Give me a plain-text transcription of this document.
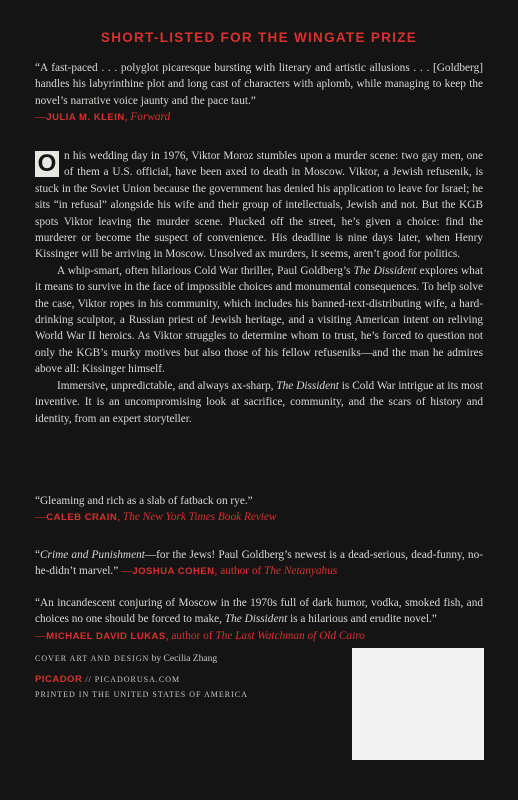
SHORT-LISTED FOR THE WINGATE PRIZE

“A fast-paced . . . polyglot picaresque bursting with literary and artistic allusions . . . [Goldberg] handles his labyrinthine plot and long cast of characters with aplomb, while managing to keep the novel’s narrative voice jaunty and the pace taut.”

—JULIA M. KLEIN, Forward

O n his wedding day in 1976, Viktor Moroz stumbles upon a murder scene: two gay men, one of them a U.S. official, have been axed to death in Moscow. Viktor, a Jewish refusenik, is stuck in the Soviet Union because the government has denied his application to leave for Israel; he sits “in refusal” alongside his wife and their group of intellectuals, Jewish and not. But the KGB spots Viktor leaving the murder scene. Plucked off the street, he’s given a choice: find the murderer or become the suspect of convenience. His deadline is nine days later, when Henry Kissinger will be arriving in Moscow. Unsolved ax murders, it seems, aren’t good for politics.

A whip-smart, often hilarious Cold War thriller, Paul Goldberg’s The Dissident explores what it means to survive in the face of impossible choices and monumental consequences. To help solve the case, Viktor ropes in his community, which includes his banned-text-distributing wife, a hard-drinking sculptor, a Russian priest of Jewish heritage, and a visiting American intent on reliving World War II heroics. As Viktor struggles to determine whom to trust, he’s forced to question not only the KGB’s murky motives but also those of his fellow refuseniks—and the man he admires above all: Kissinger himself.

Immersive, unpredictable, and always ax-sharp, The Dissident is Cold War intrigue at its most inventive. It is an uncompromising look at sacrifice, community, and the scars of history and identity, from an expert storyteller.

“Gleaming and rich as a slab of fatback on rye.”

—CALEB CRAIN, The New York Times Book Review

“Crime and Punishment—for the Jews! Paul Goldberg’s newest is a dead-serious, dead-funny, no-he-didn’t marvel.” —JOSHUA COHEN, author of The Netanyahus

“An incandescent conjuring of Moscow in the 1970s full of dark humor, vodka, smoked fish, and choices no one should be forced to make, The Dissident is a hilarious and erudite novel.”

—MICHAEL DAVID LUKAS, author of The Last Watchman of Old Cairo

COVER ART AND DESIGN by Cecilia Zhang
PICADOR // PICADORUSA.COM
PRINTED IN THE UNITED STATES OF AMERICA
